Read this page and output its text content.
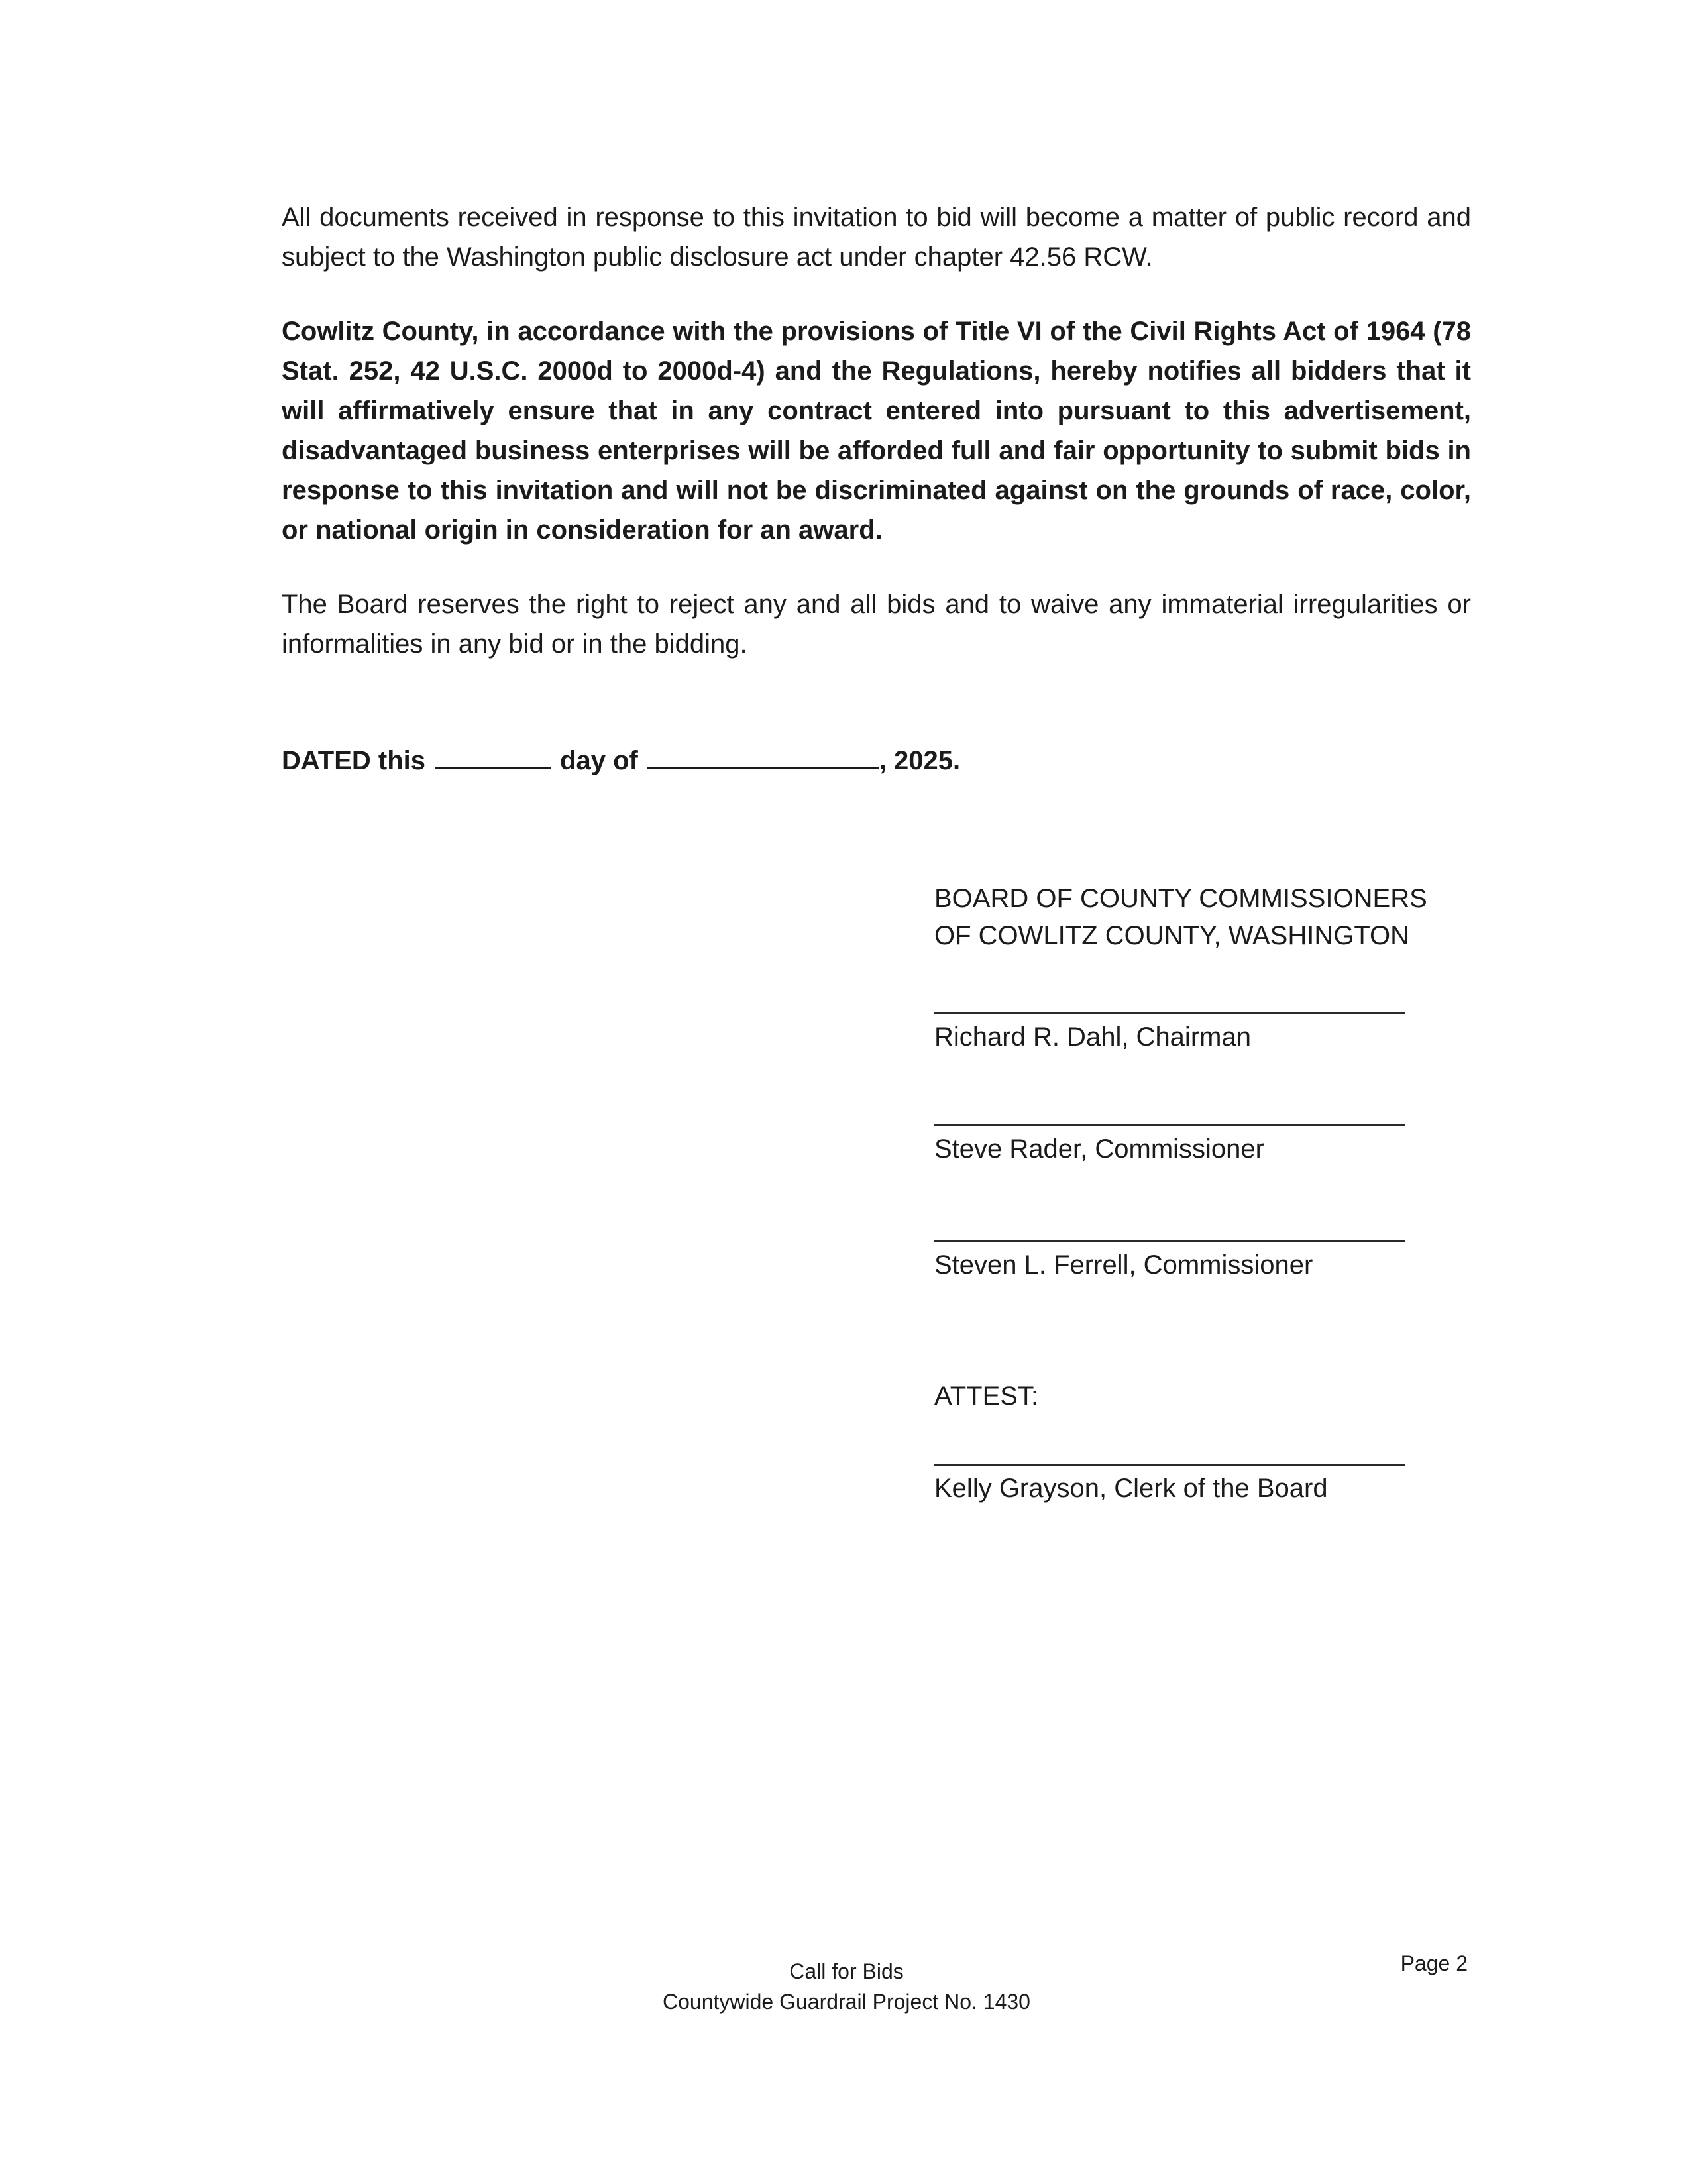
All documents received in response to this invitation to bid will become a matter of public record and subject to the Washington public disclosure act under chapter 42.56 RCW.

Cowlitz County, in accordance with the provisions of Title VI of the Civil Rights Act of 1964 (78 Stat. 252, 42 U.S.C. 2000d to 2000d-4) and the Regulations, hereby notifies all bidders that it will affirmatively ensure that in any contract entered into pursuant to this advertisement, disadvantaged business enterprises will be afforded full and fair opportunity to submit bids in response to this invitation and will not be discriminated against on the grounds of race, color, or national origin in consideration for an award.

The Board reserves the right to reject any and all bids and to waive any immaterial irregularities or informalities in any bid or in the bidding.

DATED this	day of	, 2025.
BOARD OF COUNTY COMMISSIONERS
OF COWLITZ COUNTY, WASHINGTON
Richard R. Dahl, Chairman
Steve Rader, Commissioner
Steven L. Ferrell, Commissioner
ATTEST:
Kelly Grayson, Clerk of the Board
Call for Bids
Countywide Guardrail Project No. 1430
Page 2
